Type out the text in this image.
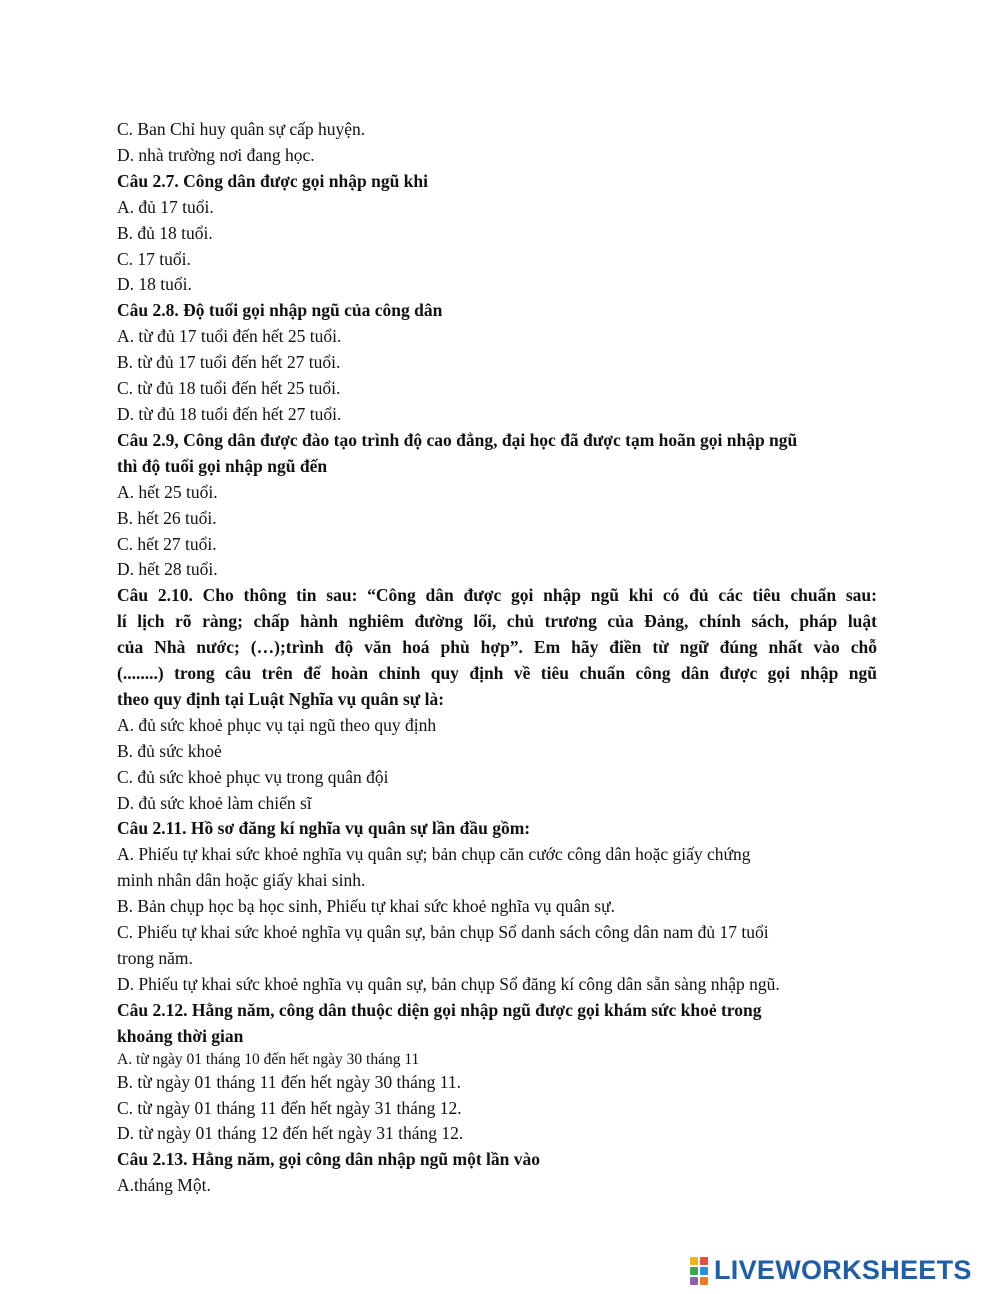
C. Ban Chỉ huy quân sự cấp huyện.
D. nhà trường nơi đang học.
Câu 2.7. Công dân được gọi nhập ngũ khi
A. đủ 17 tuổi.
B. đủ 18 tuổi.
C. 17 tuổi.
D. 18 tuổi.
Câu 2.8. Độ tuổi gọi nhập ngũ của công dân
A. từ đủ 17 tuổi đến hết 25 tuổi.
B. từ đủ 17 tuổi đến hết 27 tuổi.
C. từ đủ 18 tuổi đến hết 25 tuổi.
D. từ đủ 18 tuổi đến hết 27 tuổi.
Câu 2.9, Công dân được đào tạo trình độ cao đẳng, đại học đã được tạm hoãn gọi nhập ngũ
thì độ tuổi gọi nhập ngũ đến
A. hết 25 tuổi.
B. hết 26 tuổi.
C. hết 27 tuổi.
D. hết 28 tuổi.
Câu 2.10. Cho thông tin sau: “Công dân được gọi nhập ngũ khi có đủ các tiêu chuẩn sau:
lí lịch rõ ràng; chấp hành nghiêm đường lối, chủ trương của Đảng, chính sách, pháp luật
của Nhà nước; (…);trình độ văn hoá phù hợp”. Em hãy điền từ ngữ đúng nhất vào chỗ
(........) trong câu trên để hoàn chỉnh quy định về tiêu chuẩn công dân được gọi nhập ngũ
theo quy định tại Luật Nghĩa vụ quân sự là:
A. đủ sức khoẻ phục vụ tại ngũ theo quy định
B. đủ sức khoẻ
C. đủ sức khoẻ phục vụ trong quân đội
D. đủ sức khoẻ làm chiến sĩ
Câu 2.11. Hồ sơ đăng kí nghĩa vụ quân sự lần đầu gồm:
A. Phiếu tự khai sức khoẻ nghĩa vụ quân sự; bản chụp căn cước công dân hoặc giấy chứng
minh nhân dân hoặc giấy khai sinh.
B. Bản chụp học bạ học sinh, Phiếu tự khai sức khoẻ nghĩa vụ quân sự.
C. Phiếu tự khai sức khoẻ nghĩa vụ quân sự, bản chụp Sổ danh sách công dân nam đủ 17 tuổi
trong năm.
D. Phiếu tự khai sức khoẻ nghĩa vụ quân sự, bản chụp Sổ đăng kí công dân sẵn sàng nhập ngũ.
Câu 2.12. Hằng năm, công dân thuộc diện gọi nhập ngũ được gọi khám sức khoẻ trong
khoảng thời gian
A. từ ngày 01 tháng 10 đến hết ngày 30 tháng 11
B. từ ngày 01 tháng 11 đến hết ngày 30 tháng 11.
C. từ ngày 01 tháng 11 đến hết ngày 31 tháng 12.
D. từ ngày 01 tháng 12 đến hết ngày 31 tháng 12.
Câu 2.13. Hằng năm, gọi công dân nhập ngũ một lần vào
A.tháng Một.
LIVEWORKSHEETS
